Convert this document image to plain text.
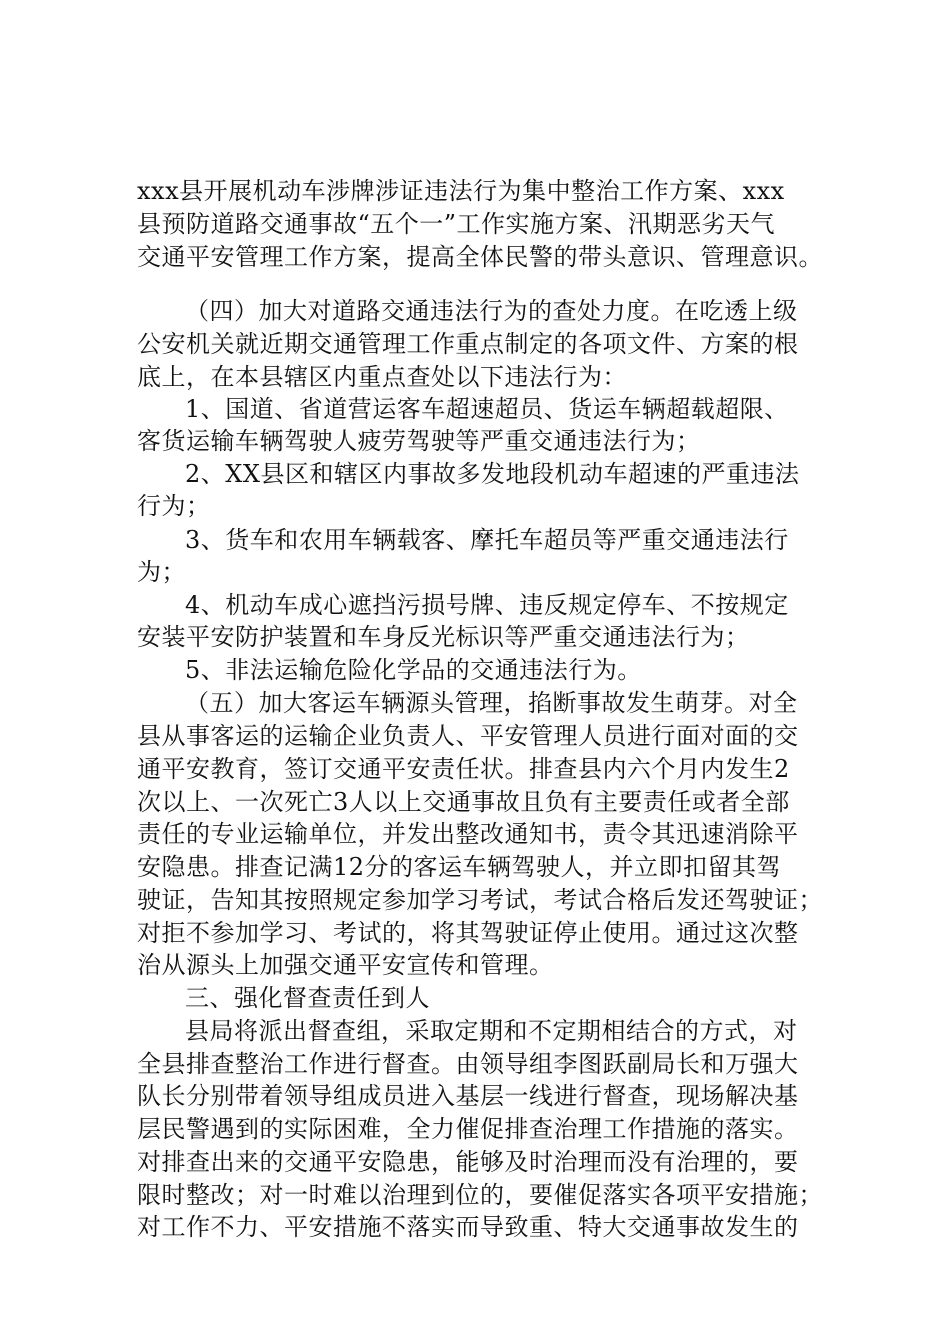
xxx县开展机动车涉牌涉证违法行为集中整治工作方案、xxx
县预防道路交通事故“五个一”工作实施方案、汛期恶劣天气
交通平安管理工作方案，提高全体民警的带头意识、管理意识。
（四）加大对道路交通违法行为的查处力度。在吃透上级
公安机关就近期交通管理工作重点制定的各项文件、方案的根
底上，在本县辖区内重点查处以下违法行为：
1、国道、省道营运客车超速超员、货运车辆超载超限、
客货运输车辆驾驶人疲劳驾驶等严重交通违法行为；
2、XX县区和辖区内事故多发地段机动车超速的严重违法
行为；
3、货车和农用车辆载客、摩托车超员等严重交通违法行
为；
4、机动车成心遮挡污损号牌、违反规定停车、不按规定
安装平安防护装置和车身反光标识等严重交通违法行为；
5、非法运输危险化学品的交通违法行为。
（五）加大客运车辆源头管理，掐断事故发生萌芽。对全
县从事客运的运输企业负责人、平安管理人员进行面对面的交
通平安教育，签订交通平安责任状。排查县内六个月内发生2
次以上、一次死亡3人以上交通事故且负有主要责任或者全部
责任的专业运输单位，并发出整改通知书，责令其迅速消除平
安隐患。排查记满12分的客运车辆驾驶人，并立即扣留其驾
驶证，告知其按照规定参加学习考试，考试合格后发还驾驶证；
对拒不参加学习、考试的，将其驾驶证停止使用。通过这次整
治从源头上加强交通平安宣传和管理。
三、强化督查责任到人
县局将派出督查组，采取定期和不定期相结合的方式，对
全县排查整治工作进行督查。由领导组李图跃副局长和万强大
队长分别带着领导组成员进入基层一线进行督查，现场解决基
层民警遇到的实际困难，全力催促排查治理工作措施的落实。
对排查出来的交通平安隐患，能够及时治理而没有治理的，要
限时整改；对一时难以治理到位的，要催促落实各项平安措施；
对工作不力、平安措施不落实而导致重、特大交通事故发生的
